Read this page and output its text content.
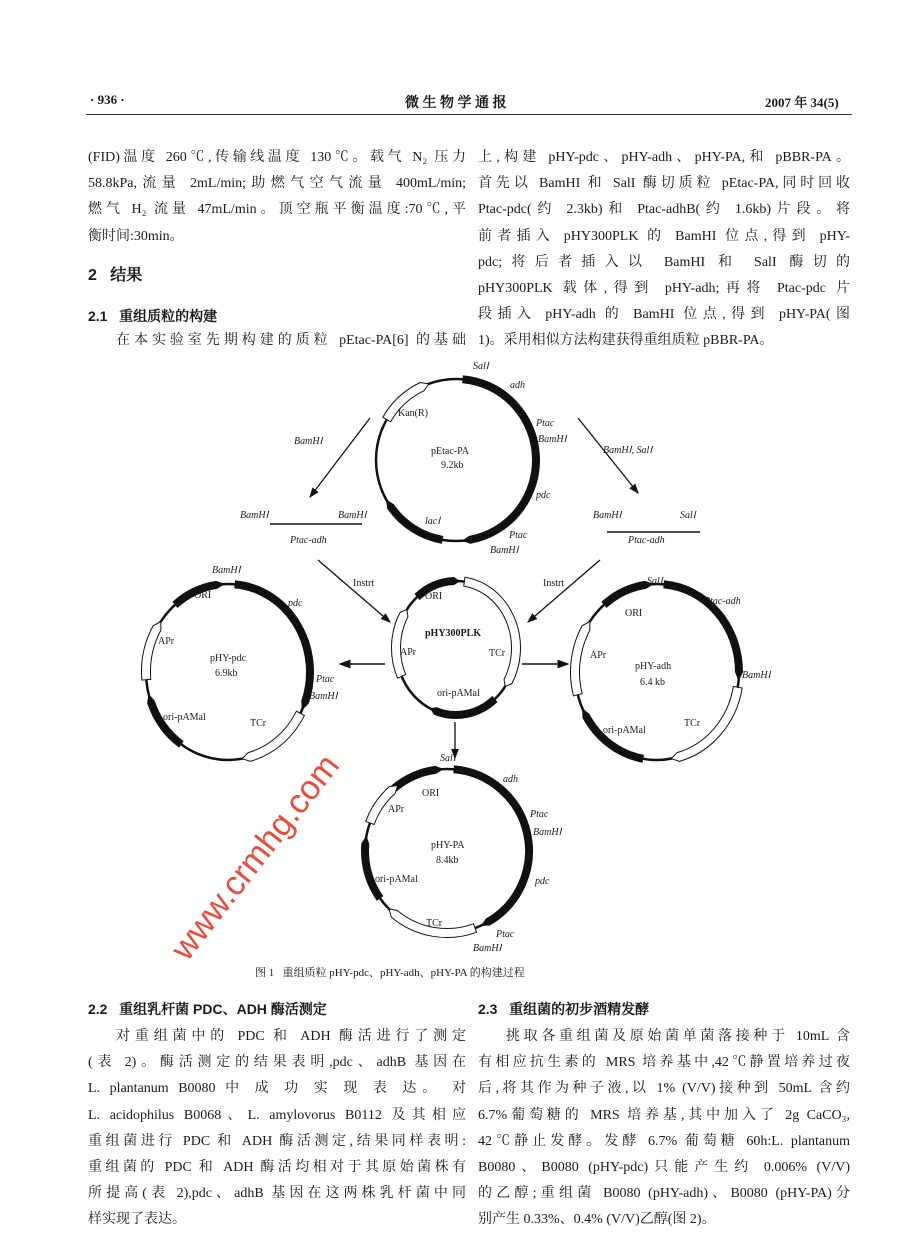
· 936 ·	微 生 物 学 通 报	2007 年 34(5)
(FID)温度 260℃,传输线温度 130℃。载气 N₂ 压力
58.8kPa,流量 2mL/min;助燃气空气流量 400mL/min;
燃气 H₂ 流量 47mL/min。顶空瓶平衡温度:70℃,平
衡时间:30min。
2   结果
2.1   重组质粒的构建
在本实验室先期构建的质粒 pEtac-PA[6] 的基础
上,构建 pHY-pdc、pHY-adh、pHY-PA,和 pBBR-PA。
首先以 BamHI 和 SalI 酶切质粒 pEtac-PA,同时回收
Ptac-pdc(约 2.3kb)和 Ptac-adhB(约 1.6kb)片段。将
前者插入 pHY300PLK 的 BamHI 位点,得到 pHY-
pdc;将后者插入以 BamHI 和 SalI 酶切的
pHY300PLK 载体,得到 pHY-adh;再将 Ptac-pdc 片
段插入 pHY-adh 的 BamHI 位点,得到 pHY-PA(图
1)。采用相似方法构建获得重组质粒 pBBR-PA。
SalⅠ
adh
Kan(R)
Ptac
BamHⅠ
pEtac-PA
9.2kb
pdc
lacⅠ
Ptac
BamHⅠ
BamHⅠ
BamHⅠ, SalⅠ
BamHⅠ	BamHⅠ
Ptac-adh
BamHⅠ	SalⅠ
Ptac-adh
Instrt	Instrt
BamHⅠ
ORI
pdc
APr
pHY-pdc
6.9kb
Ptac
BamHⅠ
ori-pAMal
TCr
ORI
APr
pHY300PLK
TCr
ori-pAMal
SalⅠ
ORI
Ptac-adh
APr
pHY-adh
6.4 kb
BamHⅠ
ori-pAMal
TCr
SalⅠ
adh
ORI
APr	Ptac
BamHⅠ
pHY-PA
8.4kb
ori-pAMal	pdc
TCr
Ptac
BamHⅠ
www.crmhg.com
图 1   重组质粒 pHY-pdc、pHY-adh、pHY-PA 的构建过程
2.2   重组乳杆菌 PDC、ADH 酶活测定
对重组菌中的 PDC 和 ADH 酶活进行了测定
(表 2)。酶活测定的结果表明,pdc、adhB 基因在
L. plantanum B0080 中 成 功 实 现 表 达。 对
L. acidophilus B0068、L. amylovorus B0112 及其相应
重组菌进行 PDC 和 ADH 酶活测定,结果同样表明:
重组菌的 PDC 和 ADH 酶活均相对于其原始菌株有
所提高(表 2),pdc、adhB 基因在这两株乳杆菌中同
样实现了表达。
2.3   重组菌的初步酒精发酵
挑取各重组菌及原始菌单菌落接种于 10mL 含
有相应抗生素的 MRS 培养基中,42℃静置培养过夜
后,将其作为种子液,以 1% (V/V)接种到 50mL 含约
6.7%葡萄糖的 MRS 培养基,其中加入了 2g CaCO₃,
42℃静止发酵。发酵 6.7% 葡萄糖 60h:L. plantanum
B0080、B0080 (pHY-pdc)只能产生约 0.006% (V/V)
的乙醇;重组菌 B0080 (pHY-adh)、B0080 (pHY-PA)分
别产生 0.33%、0.4% (V/V)乙醇(图 2)。
